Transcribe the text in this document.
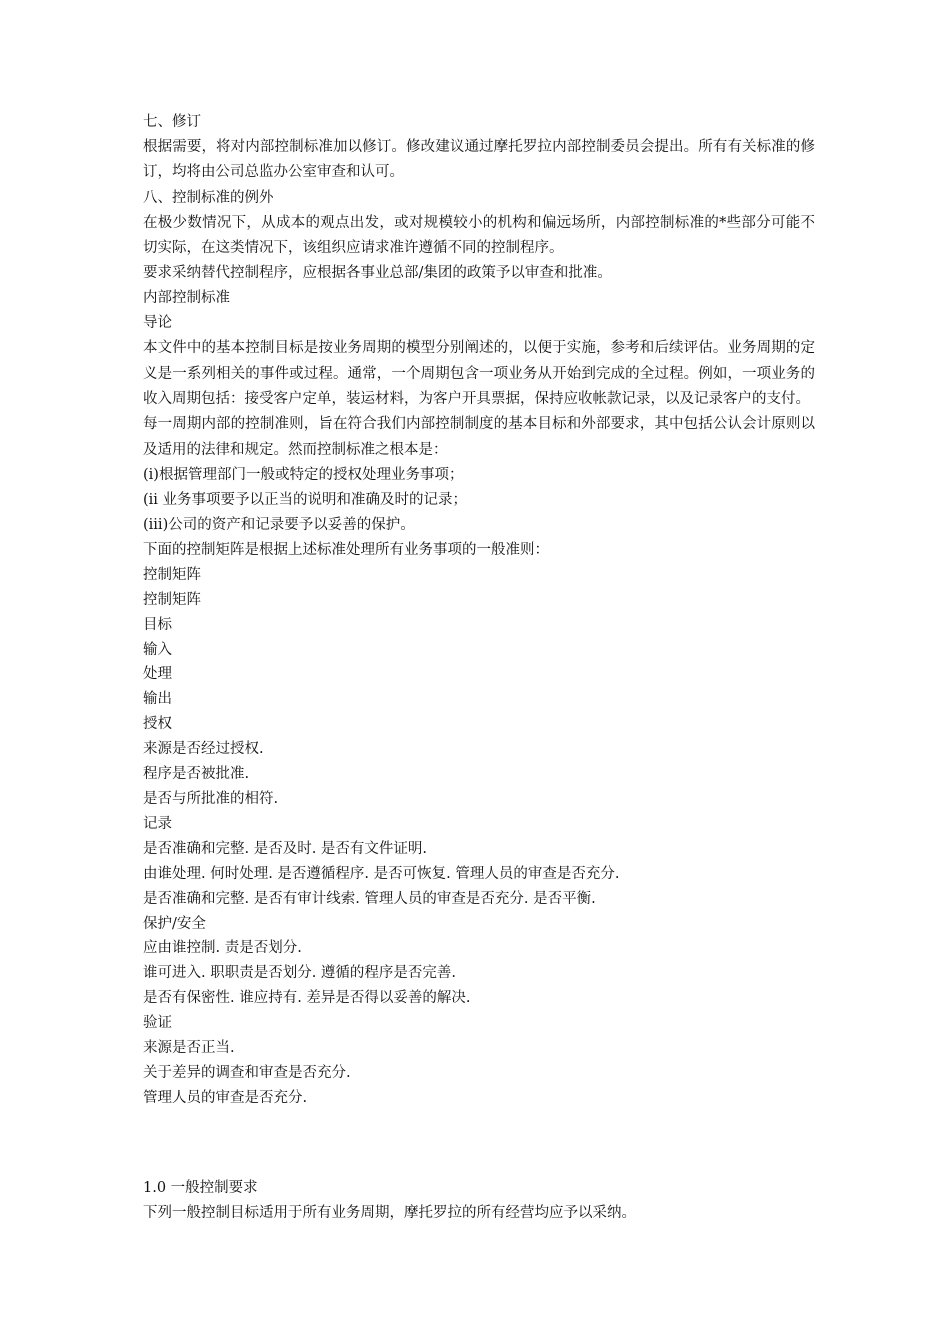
七、修订
根据需要，将对内部控制标准加以修订。修改建议通过摩托罗拉内部控制委员会提出。所有有关标准的修订，均将由公司总监办公室审查和认可。
八、控制标准的例外
在极少数情况下，从成本的观点出发，或对规模较小的机构和偏远场所，内部控制标准的*些部分可能不切实际，在这类情况下，该组织应请求准许遵循不同的控制程序。
要求采纳替代控制程序，应根据各事业总部/集团的政策予以审查和批准。
内部控制标准
导论
本文件中的基本控制目标是按业务周期的模型分别阐述的，以便于实施，参考和后续评估。业务周期的定义是一系列相关的事件或过程。通常，一个周期包含一项业务从开始到完成的全过程。例如，一项业务的收入周期包括：接受客户定单，装运材料，为客户开具票据，保持应收帐款记录，以及记录客户的支付。
每一周期内部的控制准则，旨在符合我们内部控制制度的基本目标和外部要求，其中包括公认会计原则以及适用的法律和规定。然而控制标准之根本是：
(i)根据管理部门一般或特定的授权处理业务事项；
(ii 业务事项要予以正当的说明和准确及时的记录；
(iii)公司的资产和记录要予以妥善的保护。
下面的控制矩阵是根据上述标准处理所有业务事项的一般准则：
控制矩阵
控制矩阵
目标
输入
处理
输出
授权
来源是否经过授权.
程序是否被批准.
是否与所批准的相符.
记录
是否准确和完整. 是否及时. 是否有文件证明.
由谁处理. 何时处理. 是否遵循程序. 是否可恢复. 管理人员的审查是否充分.
是否准确和完整. 是否有审计线索. 管理人员的审查是否充分. 是否平衡.
保护/安全
应由谁控制. 责是否划分.
谁可进入. 职职责是否划分. 遵循的程序是否完善.
是否有保密性. 谁应持有. 差异是否得以妥善的解决.
验证
来源是否正当.
关于差异的调查和审查是否充分.
管理人员的审查是否充分.
1.0 一般控制要求
下列一般控制目标适用于所有业务周期，摩托罗拉的所有经营均应予以采纳。
